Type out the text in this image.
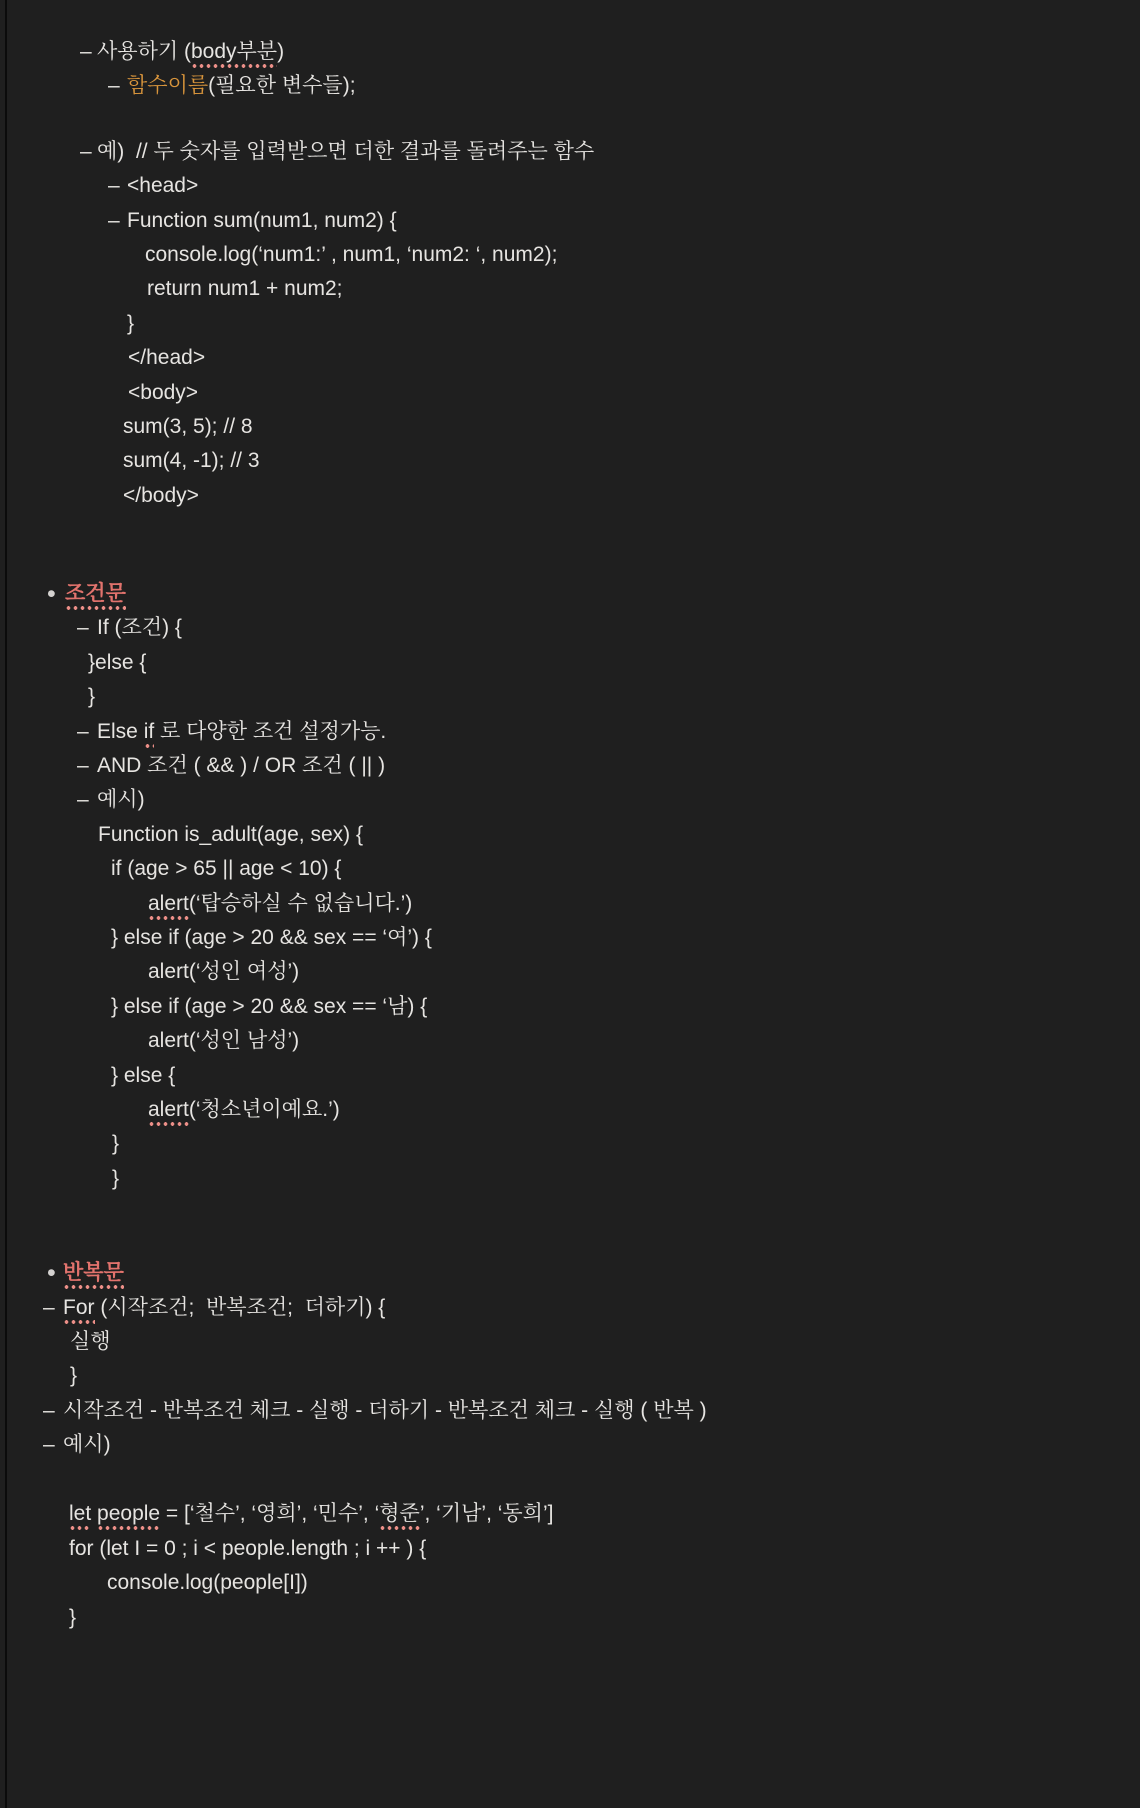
– 사용하기 (body부분)
– 함수이름(필요한 변수들);
– 예)  // 두 숫자를 입력받으면 더한 결과를 돌려주는 함수
– <head>
– Function sum(num1, num2) {
console.log(‘num1:’ , num1, ‘num2: ‘, num2);
return num1 + num2;
}
</head>
<body>
sum(3, 5); // 8
sum(4, -1); // 3
</body>
• 조건문
– If (조건) {
}else {
}
– Else if 로 다양한 조건 설정가능.
– AND 조건 ( && ) / OR 조건 ( || )
– 예시)
Function is_adult(age, sex) {
if (age > 65 || age < 10) {
alert(‘탑승하실 수 없습니다.’)
} else if (age > 20 && sex == ‘여’) {
alert(‘성인 여성’)
} else if (age > 20 && sex == ‘남) {
alert(‘성인 남성’)
} else {
alert(‘청소년이예요.’)
}
}
• 반복문
– For (시작조건;  반복조건;  더하기) {
실행
}
– 시작조건 - 반복조건 체크 - 실행 - 더하기 - 반복조건 체크 - 실행 ( 반복 )
– 예시)
let people = [‘철수’, ‘영희’, ‘민수’, ‘형준’, ‘기남’, ‘동희’]
for (let I = 0 ; i < people.length ; i ++ ) {
console.log(people[I])
}
